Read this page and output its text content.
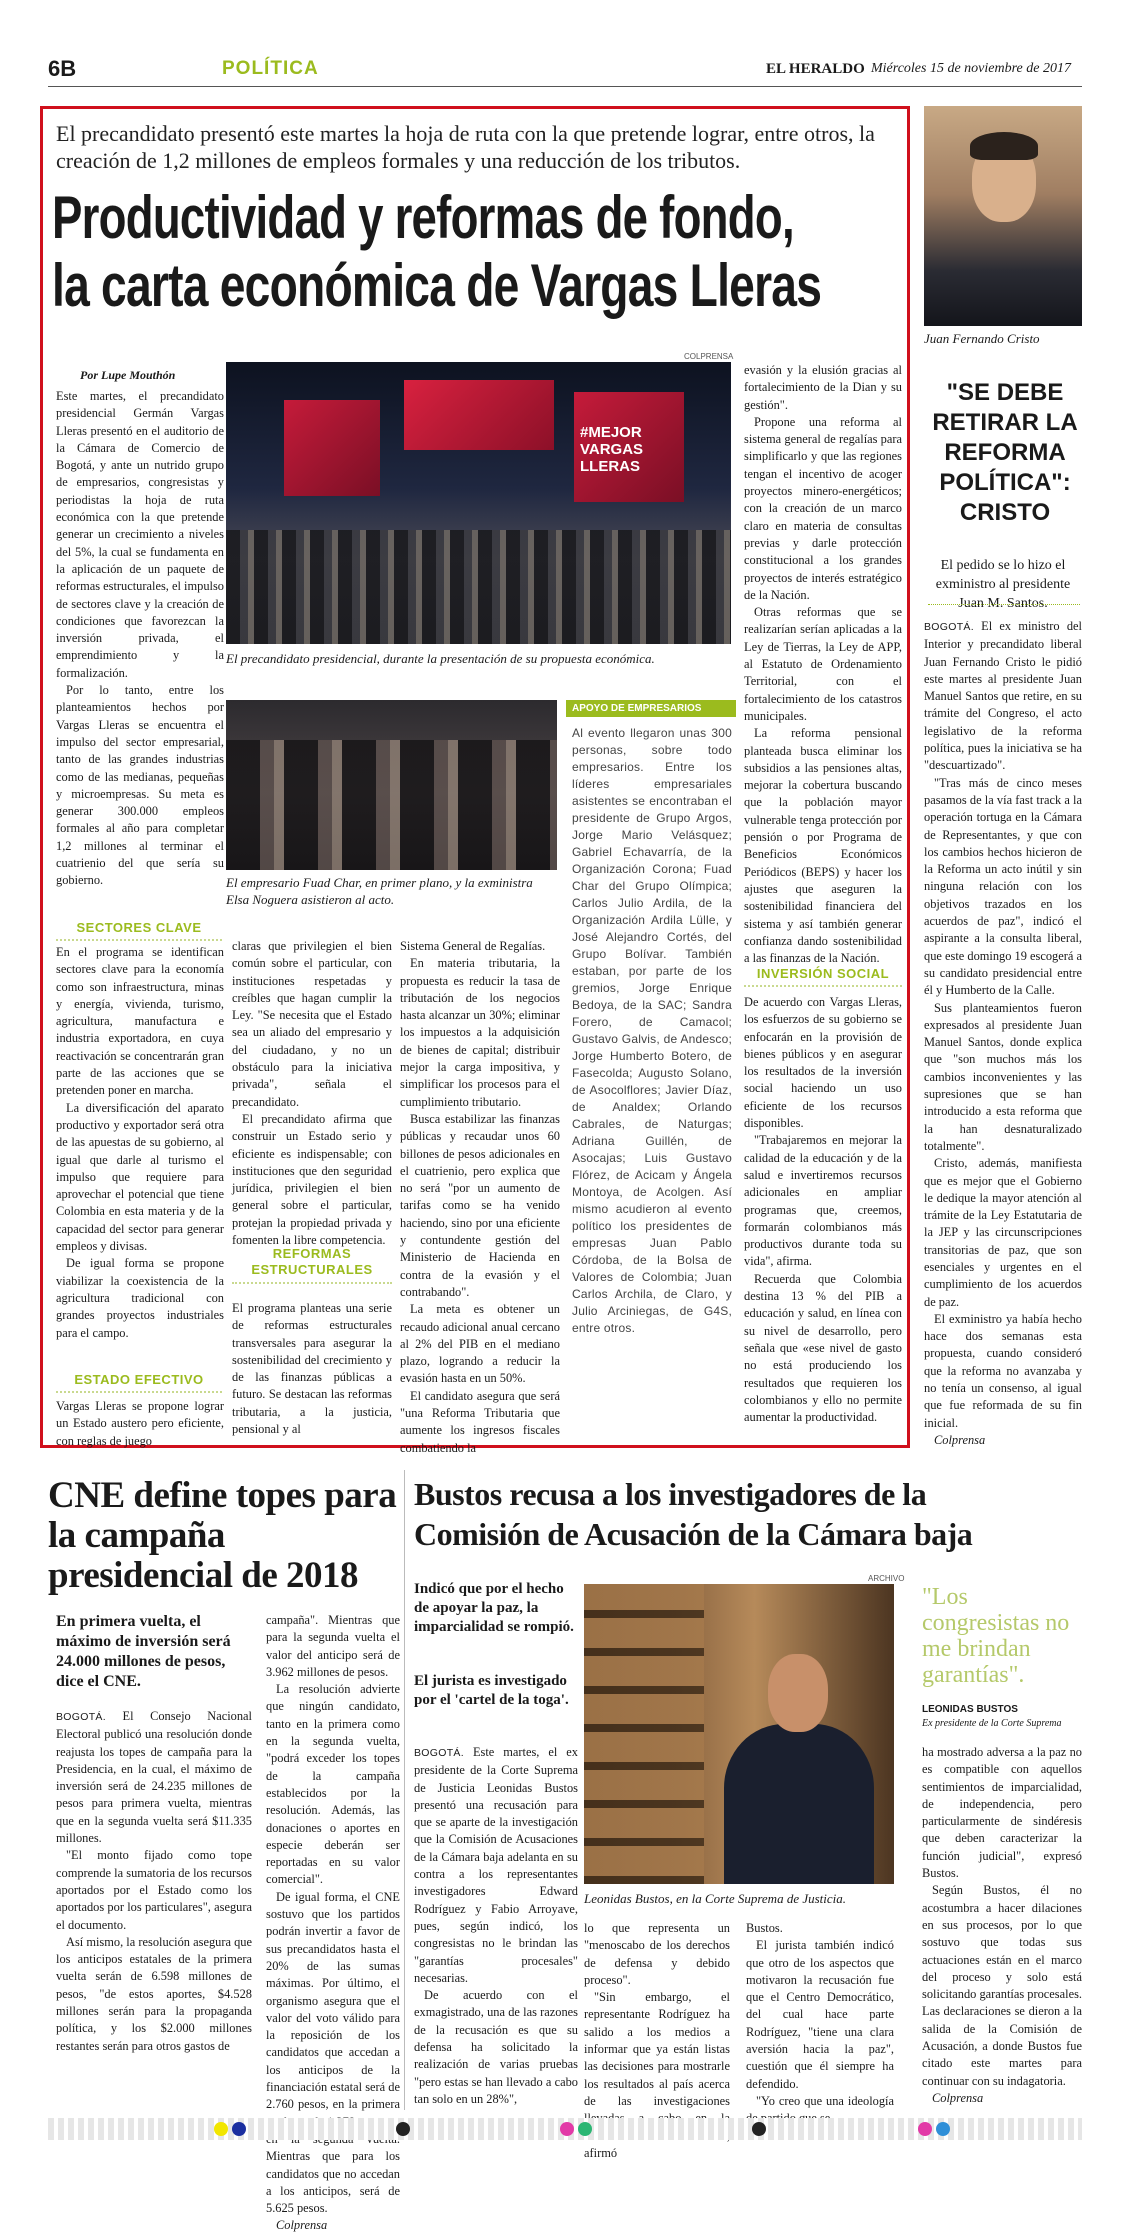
6B	POLÍTICA	EL HERALDO Miércoles 15 de noviembre de 2017
El precandidato presentó este martes la hoja de ruta con la que pretende lograr, entre otros, la creación de 1,2 millones de empleos formales y una reducción de los tributos.
Productividad y reformas de fondo,
la carta económica de Vargas Lleras
Por Lupe Mouthón
COLPRENSA
#MEJOR VARGAS LLERAS
El precandidato presidencial, durante la presentación de su propuesta económica.

Este martes, el precandidato presidencial Germán Vargas Lleras presentó en el auditorio de la Cámara de Comercio de Bogotá, y ante un nutrido grupo de empresarios, congresistas y periodistas la hoja de ruta económica con la que pretende generar un crecimiento a niveles del 5%, la cual se fundamenta en la aplicación de un paquete de reformas estructurales, el impulso de sectores clave y la creación de condiciones que favorezcan la inversión privada, el emprendimiento y la formalización.

Por lo tanto, entre los planteamientos hechos por Vargas Lleras se encuentra el impulso del sector empresarial, tanto de las grandes industrias como de las medianas, pequeñas y microempresas. Su meta es generar 300.000 empleos formales al año para completar 1,2 millones al terminar el cuatrienio del que sería su gobierno.

SECTORES CLAVE

En el programa se identifican sectores clave para la economía como son infraestructura, minas y energía, vivienda, turismo, agricultura, manufactura e industria exportadora, en cuya reactivación se concentrarán gran parte de las acciones que se pretenden poner en marcha.

La diversificación del aparato productivo y exportador será otra de las apuestas de su gobierno, al igual que darle al turismo el impulso que requiere para aprovechar el potencial que tiene Colombia en esta materia y de la capacidad del sector para generar empleos y divisas.

De igual forma se propone viabilizar la coexistencia de la agricultura tradicional con grandes proyectos industriales para el campo.

ESTADO EFECTIVO

Vargas Lleras se propone lograr un Estado austero pero eficiente, con reglas de juego

El empresario Fuad Char, en primer plano, y la exministra Elsa Noguera asistieron al acto.

claras que privilegien el bien común sobre el particular, con instituciones respetadas y creíbles que hagan cumplir la Ley. "Se necesita que el Estado sea un aliado del empresario y del ciudadano, y no un obstáculo para la iniciativa privada", señala el precandidato.

El precandidato afirma que construir un Estado serio y eficiente es indispensable; con instituciones que den seguridad jurídica, privilegien el bien general sobre el particular, protejan la propiedad privada y fomenten la libre competencia.

REFORMAS ESTRUCTURALES

El programa planteas una serie de reformas estructurales transversales para asegurar la sostenibilidad del crecimiento y de las finanzas públicas a futuro. Se destacan las reformas tributaria, a la justicia, pensional y al

Sistema General de Regalías.

En materia tributaria, la propuesta es reducir la tasa de tributación de los negocios hasta alcanzar un 30%; eliminar los impuestos a la adquisición de bienes de capital; distribuir mejor la carga impositiva, y simplificar los procesos para el cumplimiento tributario.

Busca estabilizar las finanzas públicas y recaudar unos 60 billones de pesos adicionales en el cuatrienio, pero explica que no será "por un aumento de tarifas como se ha venido haciendo, sino por una eficiente y contundente gestión del Ministerio de Hacienda en contra de la evasión y el contrabando".

La meta es obtener un recaudo adicional anual cercano al 2% del PIB en el mediano plazo, logrando a reducir la evasión hasta en un 50%.

El candidato asegura que será "una Reforma Tributaria que aumente los ingresos fiscales combatiendo la

APOYO DE EMPRESARIOS
Al evento llegaron unas 300 personas, sobre todo empresarios. Entre los líderes empresariales asistentes se encontraban el presidente de Grupo Argos, Jorge Mario Velásquez; Gabriel Echavarría, de la Organización Corona; Fuad Char del Grupo Olímpica; Carlos Julio Ardila, de la Organización Ardila Lülle, y José Alejandro Cortés, del Grupo Bolívar. También estaban, por parte de los gremios, Jorge Enrique Bedoya, de la SAC; Sandra Forero, de Camacol; Gustavo Galvis, de Andesco; Jorge Humberto Botero, de Fasecolda; Augusto Solano, de Asocolflores; Javier Díaz, de Analdex; Orlando Cabrales, de Naturgas; Adriana Guillén, de Asocajas; Luis Gustavo Flórez, de Acicam y Ángela Montoya, de Acolgen. Así mismo acudieron al evento político los presidentes de empresas Juan Pablo Córdoba, de la Bolsa de Valores de Colombia; Juan Carlos Archila, de Claro, y Julio Arciniegas, de G4S, entre otros.

evasión y la elusión gracias al fortalecimiento de la Dian y su gestión".

Propone una reforma al sistema general de regalías para simplificarlo y que las regiones tengan el incentivo de acoger proyectos minero-energéticos; con la creación de un marco claro en materia de consultas previas y darle protección constitucional a los grandes proyectos de interés estratégico de la Nación.

Otras reformas que se realizarían serían aplicadas a la Ley de Tierras, la Ley de APP, al Estatuto de Ordenamiento Territorial, con el fortalecimiento de los catastros municipales.

La reforma pensional planteada busca eliminar los subsidios a las pensiones altas, mejorar la cobertura buscando que la población mayor vulnerable tenga protección por pensión o por Programa de Beneficios Económicos Periódicos (BEPS) y hacer los ajustes que aseguren la sostenibilidad financiera del sistema y así también generar confianza dando sostenibilidad a las finanzas de la Nación.

INVERSIÓN SOCIAL

De acuerdo con Vargas Lleras, los esfuerzos de su gobierno se enfocarán en la provisión de bienes públicos y en asegurar los resultados de la inversión social haciendo un uso eficiente de los recursos disponibles.

"Trabajaremos en mejorar la calidad de la educación y de la salud e invertiremos recursos adicionales en ampliar programas que, creemos, formarán colombianos más productivos durante toda su vida", afirma.

Recuerda que Colombia destina 13 % del PIB a educación y salud, en línea con su nivel de desarrollo, pero señala que «ese nivel de gasto no está produciendo los resultados que requieren los colombianos y ello no permite aumentar la productividad.

Juan Fernando Cristo
"SE DEBE RETIRAR LA REFORMA POLÍTICA": CRISTO
El pedido se lo hizo el exministro al presidente Juan M. Santos.

BOGOTÁ. El ex ministro del Interior y precandidato liberal Juan Fernando Cristo le pidió este martes al presidente Juan Manuel Santos que retire, en su trámite del Congreso, el acto legislativo de la reforma política, pues la iniciativa se ha "descuartizado".

"Tras más de cinco meses pasamos de la vía fast track a la operación tortuga en la Cámara de Representantes, y que con los cambios hechos hicieron de la Reforma un acto inútil y sin ninguna relación con los objetivos trazados en los acuerdos de paz", indicó el aspirante a la consulta liberal, que este domingo 19 escogerá a su candidato presidencial entre él y Humberto de la Calle.

Sus planteamientos fueron expresados al presidente Juan Manuel Santos, donde explica que "son muchos más los cambios inconvenientes y las supresiones que se han introducido a esta reforma que la han desnaturalizado totalmente".

Cristo, además, manifiesta que es mejor que el Gobierno le dedique la mayor atención al trámite de la Ley Estatutaria de la JEP y las circunscripciones transitorias de paz, que son esenciales y urgentes en el cumplimiento de los acuerdos de paz.

El exministro ya había hecho hace dos semanas esta propuesta, cuando consideró que la reforma no avanzaba y no tenía un consenso, al igual que fue reformada de su fin inicial.

Colprensa

CNE define topes para la campaña presidencial de 2018
En primera vuelta, el máximo de inversión será 24.000 millones de pesos, dice el CNE.

BOGOTÁ. El Consejo Nacional Electoral publicó una resolución donde reajusta los topes de campaña para la Presidencia, en la cual, el máximo de inversión será de 24.235 millones de pesos para primera vuelta, mientras que en la segunda vuelta será $11.335 millones.

"El monto fijado como tope comprende la sumatoria de los recursos aportados por el Estado como los aportados por los particulares", asegura el documento.

Así mismo, la resolución asegura que los anticipos estatales de la primera vuelta serán de 6.598 millones de pesos, "de estos aportes, $4.528 millones serán para la propaganda política, y los $2.000 millones restantes serán para otros gastos de

campaña". Mientras que para la segunda vuelta el valor del anticipo será de 3.962 millones de pesos.

La resolución advierte que ningún candidato, tanto en la primera como en la segunda vuelta, "podrá exceder los topes de la campaña establecidos por la resolución. Además, las donaciones o aportes en especie deberán ser reportadas en su valor comercial".

De igual forma, el CNE sostuvo que los partidos podrán invertir a favor de sus precandidatos hasta el 20% de las sumas máximas. Por último, el organismo asegura que el valor del voto válido para la reposición de los candidatos que accedan a los anticipos de la financiación estatal será de 2.760 pesos, en la primera Mientras que para los candidatos que no accedan a los anticipos, será de 5.625 pesos.

Colprensa

Bustos recusa a los investigadores de la
Comisión de Acusación de la Cámara baja
Indicó que por el hecho de apoyar la paz, la imparcialidad se rompió.
El jurista es investigado por el 'cartel de la toga'.
ARCHIVO
Leonidas Bustos, en la Corte Suprema de Justicia.
"Los congresistas no me brindan garantías".
LEONIDAS BUSTOS
Ex presidente de la Corte Suprema

BOGOTÁ. Este martes, el ex presidente de la Corte Suprema de Justicia Leonidas Bustos presentó una recusación para que se aparte de la investigación que la Comisión de Acusaciones de la Cámara baja adelanta en su contra a los representantes investigadores Edward Rodríguez y Fabio Arroyave, pues, según indicó, los congresistas no le brindan las "garantías procesales" necesarias.

De acuerdo con el exmagistrado, una de las razones de la recusación es que su defensa ha solicitado la realización de varias pruebas "pero estas se han llevado a cabo tan solo en un 28%",

lo que representa un "menoscabo de los derechos de defensa y debido proceso".

"Sin embargo, el representante Rodríguez ha salido a los medios a informar que ya están listas las decisiones para mostrarle los resultados al país acerca de las investigaciones afirmó

Bustos.

El jurista también indicó que otro de los aspectos que motivaron la recusación fue que el Centro Democrático, del cual hace parte Rodríguez, "tiene una clara aversión hacia la paz", cuestión que él siempre ha defendido.

"Yo creo que una ideología

ha mostrado adversa a la paz no es compatible con aquellos sentimientos de imparcialidad, de independencia, pero particularmente de sindéresis que deben caracterizar la función judicial", expresó Bustos.

Según Bustos, él no acostumbra a hacer dilaciones en sus procesos, por lo que sostuvo que todas sus actuaciones están en el marco del proceso y solo está solicitando garantías procesales. Las declaraciones se dieron a la salida de la Comisión de Acusación, a donde Bustos fue citado este martes para continuar con su indagatoria.

Colprensa
